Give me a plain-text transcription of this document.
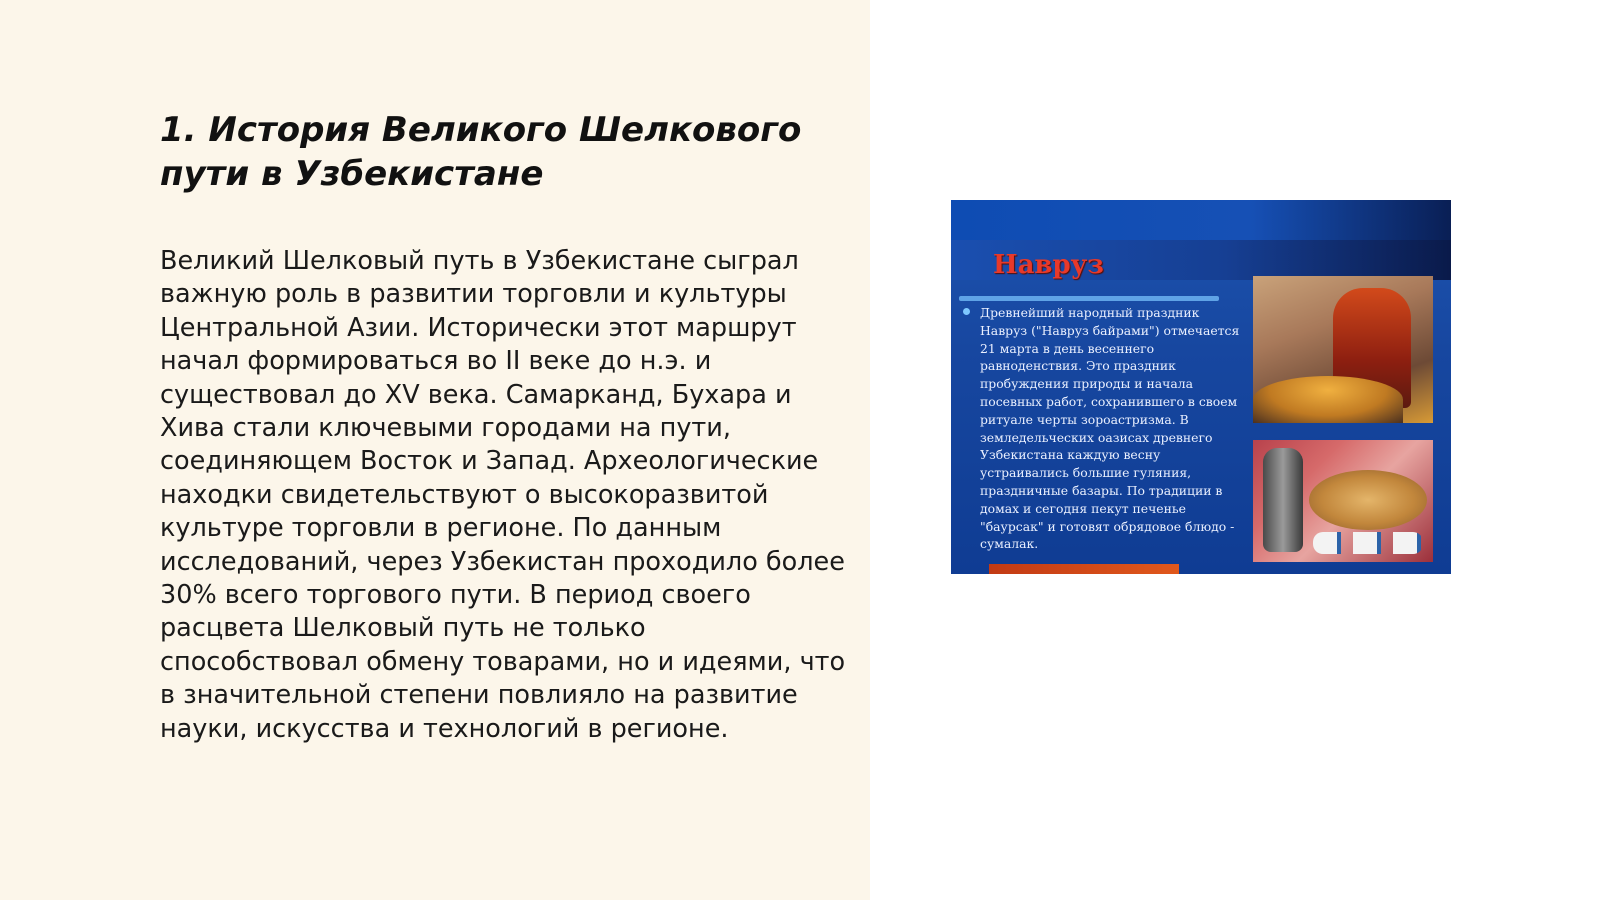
1. История Великого Шелкового пути в Узбекистане

Великий Шелковый путь в Узбекистане сыграл важную роль в развитии торговли и культуры Центральной Азии. Исторически этот маршрут начал формироваться во II веке до н.э. и существовал до XV века. Самарканд, Бухара и Хива стали ключевыми городами на пути, соединяющем Восток и Запад. Археологические находки свидетельствуют о высокоразвитой культуре торговли в регионе. По данным исследований, через Узбекистан проходило более 30% всего торгового пути. В период своего расцвета Шелковый путь не только способствовал обмену товарами, но и идеями, что в значительной степени повлияло на развитие науки, искусства и технологий в регионе.

Навруз
Древнейший народный праздник Навруз ("Навруз байрами") отмечается 21 марта в день весеннего равноденствия. Это праздник пробуждения природы и начала посевных работ, сохранившего в своем ритуале черты зороастризма. В земледельческих оазисах древнего Узбекистана каждую весну устраивались большие гуляния, праздничные базары. По традиции в домах и сегодня пекут печенье "баурсак" и готовят обрядовое блюдо - сумалак.
